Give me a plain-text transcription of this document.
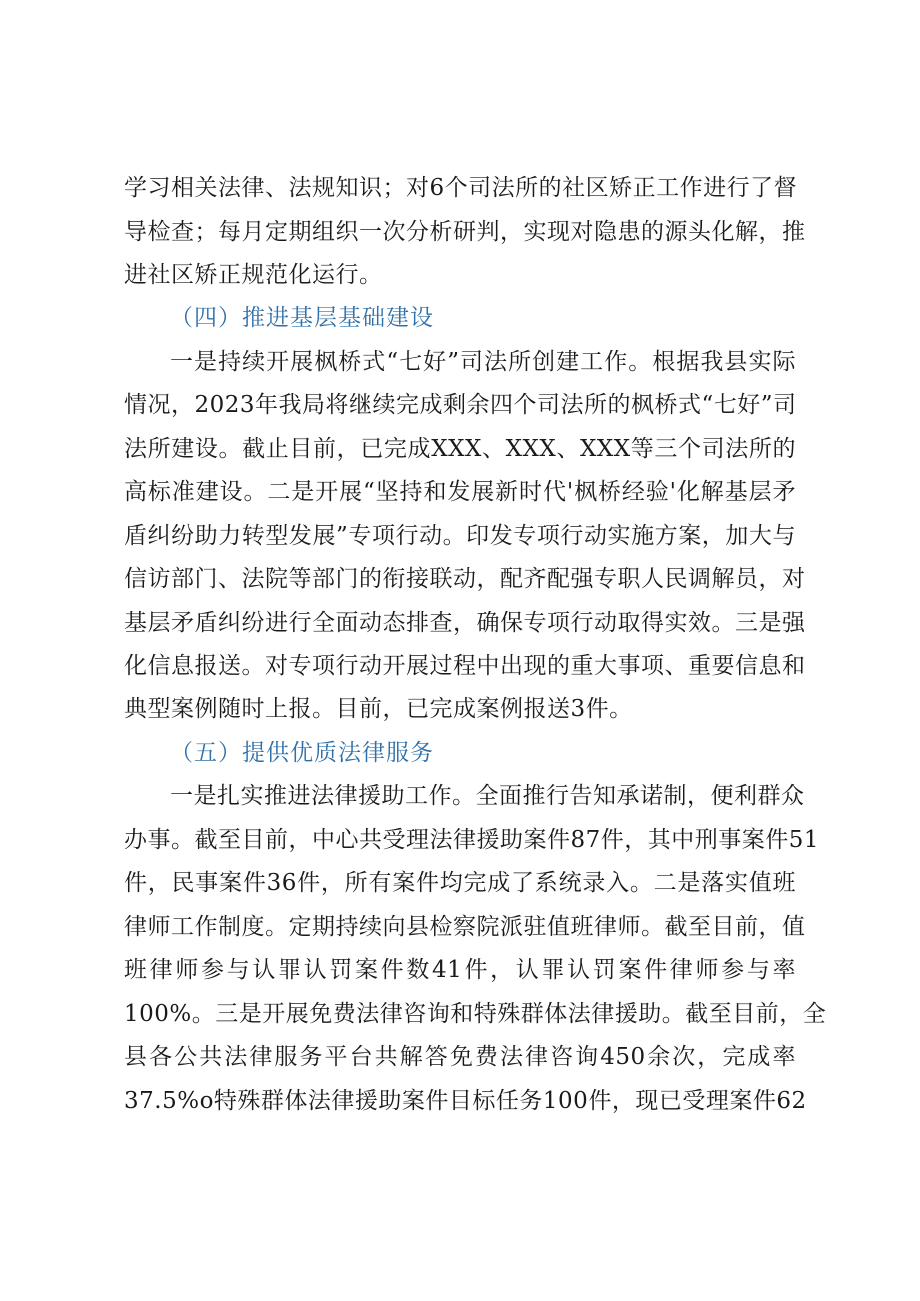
学习相关法律、法规知识；对6个司法所的社区矫正工作进行了督
导检查；每月定期组织一次分析研判，实现对隐患的源头化解，推
进社区矫正规范化运行。
（四）推进基层基础建设
一是持续开展枫桥式“七好”司法所创建工作。根据我县实际
情况，2023年我局将继续完成剩余四个司法所的枫桥式“七好”司
法所建设。截止目前，已完成XXX、XXX、XXX等三个司法所的
高标准建设。二是开展“坚持和发展新时代'枫桥经验'化解基层矛
盾纠纷助力转型发展”专项行动。印发专项行动实施方案，加大与
信访部门、法院等部门的衔接联动，配齐配强专职人民调解员，对
基层矛盾纠纷进行全面动态排查，确保专项行动取得实效。三是强
化信息报送。对专项行动开展过程中出现的重大事项、重要信息和
典型案例随时上报。目前，已完成案例报送3件。
（五）提供优质法律服务
一是扎实推进法律援助工作。全面推行告知承诺制，便利群众
办事。截至目前，中心共受理法律援助案件87件，其中刑事案件51
件，民事案件36件，所有案件均完成了系统录入。二是落实值班
律师工作制度。定期持续向县检察院派驻值班律师。截至目前，值
班律师参与认罪认罚案件数41件，认罪认罚案件律师参与率
100%。三是开展免费法律咨询和特殊群体法律援助。截至目前，全
县各公共法律服务平台共解答免费法律咨询450余次，完成率
37.5%o特殊群体法律援助案件目标任务100件，现已受理案件62
